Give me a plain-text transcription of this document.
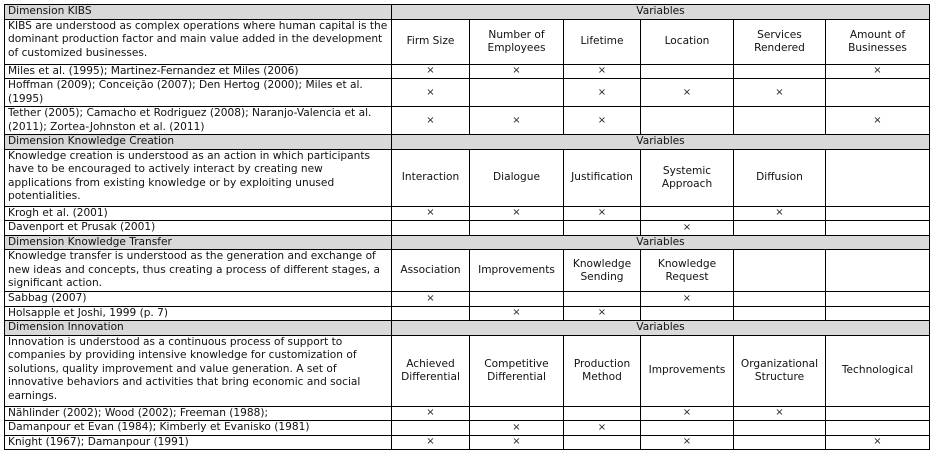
Dimension KIBS	Variables					
KIBS are understood as complex operations where human capital is the dominant production factor and main value added in the development of customized businesses.	Firm Size	Number of Employees	Lifetime	Location	Services Rendered	Amount of Businesses
Miles et al. (1995); Martinez-Fernandez et Miles (2006)	×	×	×			×
Hoffman (2009); Conceição (2007); Den Hertog (2000); Miles et al. (1995)	×		×	×	×	
Tether (2005); Camacho et Rodriguez (2008); Naranjo-Valencia et al. (2011); Zortea-Johnston et al. (2011)	×	×	×			×
Dimension Knowledge Creation	Variables					
Knowledge creation is understood as an action in which participants have to be encouraged to actively interact by creating new applications from existing knowledge or by exploiting unused potentialities.	Interaction	Dialogue	Justification	Systemic Approach	Diffusion	
Krogh et al. (2001)	×	×	×		×	
Davenport et Prusak (2001)				×		
Dimension Knowledge Transfer	Variables					
Knowledge transfer is understood as the generation and exchange of new ideas and concepts, thus creating a process of different stages, a significant action.	Association	Improvements	Knowledge Sending	Knowledge Request		
Sabbag (2007)	×			×		
Holsapple et Joshi, 1999 (p. 7)		×	×			
Dimension Innovation	Variables					
Innovation is understood as a continuous process of support to companies by providing intensive knowledge for customization of solutions, quality improvement and value generation. A set of innovative behaviors and activities that bring economic and social earnings.	Achieved Differential	Competitive Differential	Production Method	Improvements	Organizational Structure	Technological
Nählinder (2002); Wood (2002); Freeman (1988);	×			×	×	
Damanpour et Evan (1984); Kimberly et Evanisko (1981)		×	×			
Knight (1967); Damanpour (1991)	×	×		×		×
